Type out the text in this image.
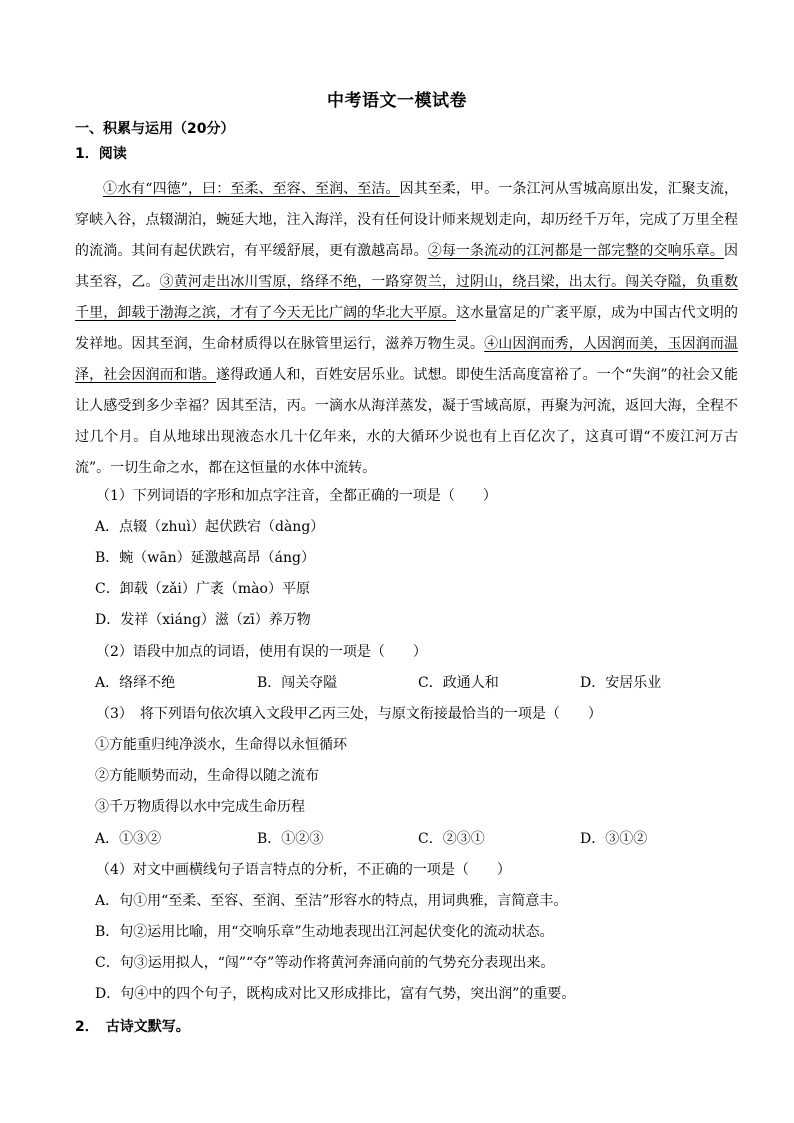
中考语文一模试卷
一、积累与运用（20分）
1．阅读
①水有“四德”，曰：至柔、至容、至润、至洁。因其至柔，甲。一条江河从雪城高原出发，汇聚支流，穿峡入谷，点辍湖泊，蜿延大地，注入海洋，没有任何设计师来规划走向，却历经千万年，完成了万里全程的流淌。其间有起伏跌宕，有平缓舒展，更有激越高昂。②每一条流动的江河都是一部完整的交响乐章。因其至容，乙。③黄河走出冰川雪原，络绎不绝，一路穿贺兰，过阴山，绕吕梁，出太行。闯关夺隘，负重数千里，卸载于渤海之滨，才有了今天无比广阔的华北大平原。这水量富足的广袤平原，成为中国古代文明的发祥地。因其至润，生命材质得以在脉管里运行，滋养万物生灵。④山因润而秀，人因润而美，玉因润而温泽，社会因润而和谐。遂得政通人和，百姓安居乐业。试想。即使生活高度富裕了。一个“失润”的社会又能让人感受到多少幸福？因其至洁，丙。一滴水从海洋蒸发，凝于雪域高原，再聚为河流，返回大海，全程不过几个月。自从地球出现液态水几十亿年来，水的大循环少说也有上百亿次了，这真可谓“不废江河万古流”。一切生命之水，都在这恒量的水体中流转。
（1）下列词语的字形和加点字注音，全都正确的一项是（　　）
A．点辍（zhuì）起伏跌宕（dàng）
B．蜿（wān）延激越高昂（áng）
C．卸载（zǎi）广袤（mào）平原
D．发祥（xiáng）滋（zī）养万物
（2）语段中加点的词语，使用有误的一项是（　　）
A．络绎不绝	B．闯关夺隘	C．政通人和	D．安居乐业
（3）　将下列语句依次填入文段甲乙丙三处，与原文衔接最恰当的一项是（　　）
①方能重归纯净淡水，生命得以永恒循环
②方能顺势而动，生命得以随之流布
③千万物质得以水中完成生命历程
A．①③②	B．①②③	C．②③①	D．③①②
（4）对文中画横线句子语言特点的分析，不正确的一项是（　　）
A．句①用“至柔、至容、至润、至洁”形容水的特点，用词典雅，言简意丰。
B．句②运用比喻，用“交响乐章”生动地表现出江河起伏变化的流动状态。
C．句③运用拟人，“闯”“夺”等动作将黄河奔涌向前的气势充分表现出来。
D．句④中的四个句子，既构成对比又形成排比，富有气势，突出润”的重要。
2．　古诗文默写。
